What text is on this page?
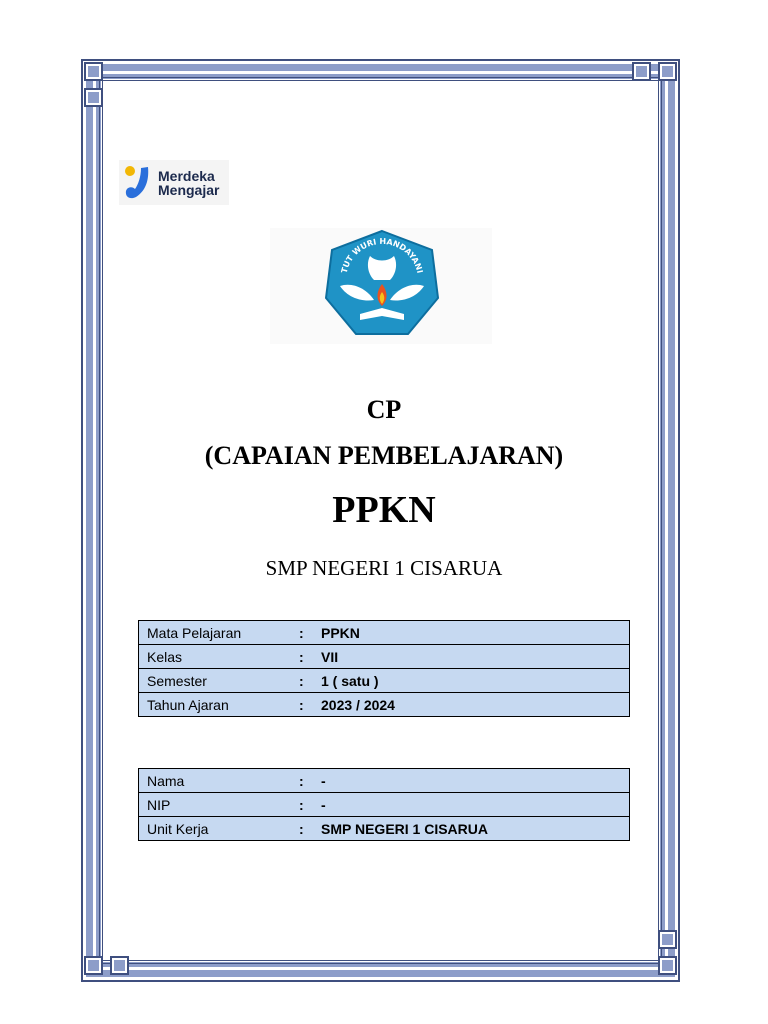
Merdeka
Mengajar
TUT WURI HANDAYANI
CP
(CAPAIAN PEMBELAJARAN)
PPKN
SMP NEGERI 1 CISARUA
Mata Pelajaran	:	PPKN
Kelas	:	VII
Semester	:	1 ( satu )
Tahun Ajaran	:	2023 / 2024
Nama	:	-
NIP	:	-
Unit Kerja	:	SMP NEGERI 1 CISARUA
